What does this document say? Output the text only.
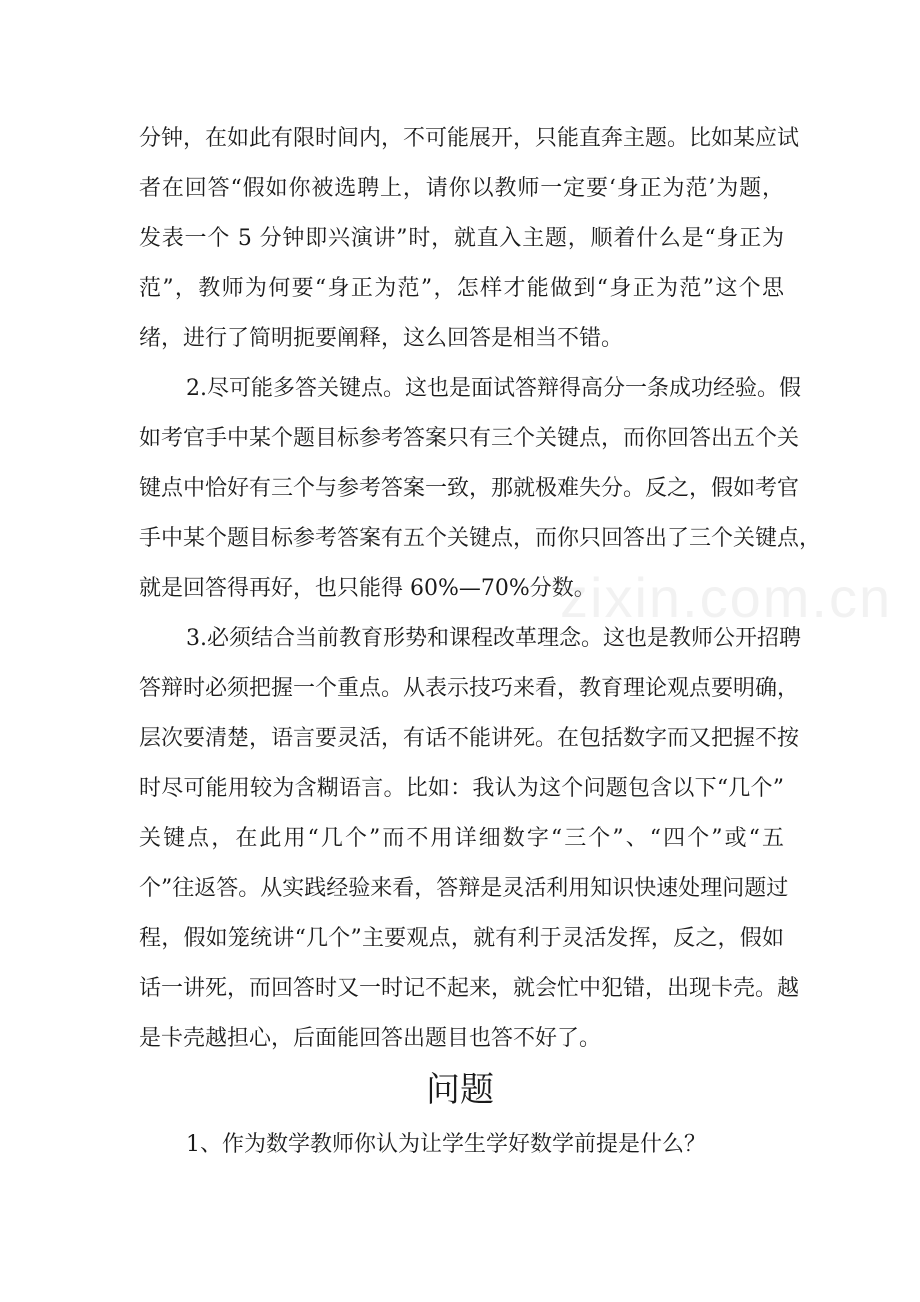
分钟，在如此有限时间内，不可能展开，只能直奔主题。比如某应试
者在回答“假如你被选聘上，请你以教师一定要‘身正为范’为题，
发表一个 5 分钟即兴演讲”时，就直入主题，顺着什么是“身正为
范”，教师为何要“身正为范”，怎样才能做到“身正为范”这个思
绪，进行了简明扼要阐释，这么回答是相当不错。
2.尽可能多答关键点。这也是面试答辩得高分一条成功经验。假
如考官手中某个题目标参考答案只有三个关键点，而你回答出五个关
键点中恰好有三个与参考答案一致，那就极难失分。反之，假如考官
手中某个题目标参考答案有五个关键点，而你只回答出了三个关键点，
就是回答得再好，也只能得 60%—70%分数。
zixin.com.cn
3.必须结合当前教育形势和课程改革理念。这也是教师公开招聘
答辩时必须把握一个重点。从表示技巧来看，教育理论观点要明确，
层次要清楚，语言要灵活，有话不能讲死。在包括数字而又把握不按
时尽可能用较为含糊语言。比如：我认为这个问题包含以下“几个”
关键点，在此用“几个”而不用详细数字“三个”、“四个”或“五
个”往返答。从实践经验来看，答辩是灵活利用知识快速处理问题过
程，假如笼统讲“几个”主要观点，就有利于灵活发挥，反之，假如
话一讲死，而回答时又一时记不起来，就会忙中犯错，出现卡壳。越
是卡壳越担心，后面能回答出题目也答不好了。
问题
1、作为数学教师你认为让学生学好数学前提是什么？
